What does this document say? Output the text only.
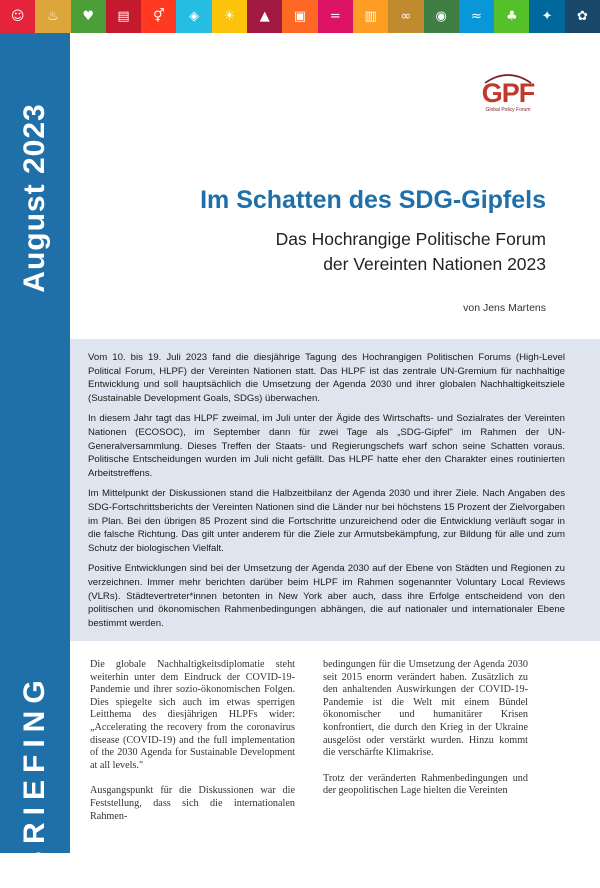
☺	♨	♥	▤	⚥	◈	☀	▲	▣	=	▥	∞	◉	≈	♣	✦	✿
August 2023
BRIEFING
GPF
Global Policy Forum
Im Schatten des SDG-Gipfels
Das Hochrangige Politische Forum
der Vereinten Nationen 2023
von Jens Martens

Vom 10. bis 19. Juli 2023 fand die diesjährige Tagung des Hochrangigen Politischen Forums (High-Level Political Forum, HLPF) der Vereinten Nationen statt. Das HLPF ist das zentrale UN-Gremium für nachhaltige Entwicklung und soll hauptsächlich die Umsetzung der Agenda 2030 und ihrer globalen Nachhaltigkeitsziele (Sustainable Development Goals, SDGs) überwachen.

In diesem Jahr tagt das HLPF zweimal, im Juli unter der Ägide des Wirtschafts- und Sozialrates der Vereinten Nationen (ECOSOC), im September dann für zwei Tage als „SDG-Gipfel" im Rahmen der UN-Generalversammlung. Dieses Treffen der Staats- und Regierungschefs warf schon seine Schatten voraus. Politische Entscheidungen wurden im Juli nicht gefällt. Das HLPF hatte eher den Charakter eines routinierten Arbeitstreffens.

Im Mittelpunkt der Diskussionen stand die Halbzeitbilanz der Agenda 2030 und ihrer Ziele. Nach Angaben des SDG-Fortschrittsberichts der Vereinten Nationen sind die Länder nur bei höchstens 15 Prozent der Zielvorgaben im Plan. Bei den übrigen 85 Prozent sind die Fortschritte unzureichend oder die Entwicklung verläuft sogar in die falsche Richtung. Das gilt unter anderem für die Ziele zur Armutsbekämpfung, zur Bildung für alle und zum Schutz der biologischen Vielfalt.

Positive Entwicklungen sind bei der Umsetzung der Agenda 2030 auf der Ebene von Städten und Regionen zu verzeichnen. Immer mehr berichten darüber beim HLPF im Rahmen sogenannter Voluntary Local Reviews (VLRs). Städtevertreter*innen betonten in New York aber auch, dass ihre Erfolge entscheidend von den politischen und ökonomischen Rahmenbedingungen abhängen, die auf nationaler und internationaler Ebene bestimmt werden.

Die globale Nachhaltigkeitsdiplomatie steht weiterhin unter dem Eindruck der COVID-19-Pandemie und ihrer sozio-ökonomischen Folgen. Dies spiegelte sich auch im etwas sperrigen Leitthema des diesjährigen HLPFs wider: „Accelerating the recovery from the coronavirus disease (COVID-19) and the full implementation of the 2030 Agenda for Sustainable Development at all levels."

Ausgangspunkt für die Diskussionen war die Feststellung, dass sich die internationalen Rahmen-

bedingungen für die Umsetzung der Agenda 2030 seit 2015 enorm verändert haben. Zusätzlich zu den anhaltenden Auswirkungen der COVID-19-Pandemie ist die Welt mit einem Bündel ökonomischer und humanitärer Krisen konfrontiert, die durch den Krieg in der Ukraine ausgelöst oder verstärkt wurden. Hinzu kommt die verschärfte Klimakrise.

Trotz der veränderten Rahmenbedingungen und der geopolitischen Lage hielten die Vereinten
